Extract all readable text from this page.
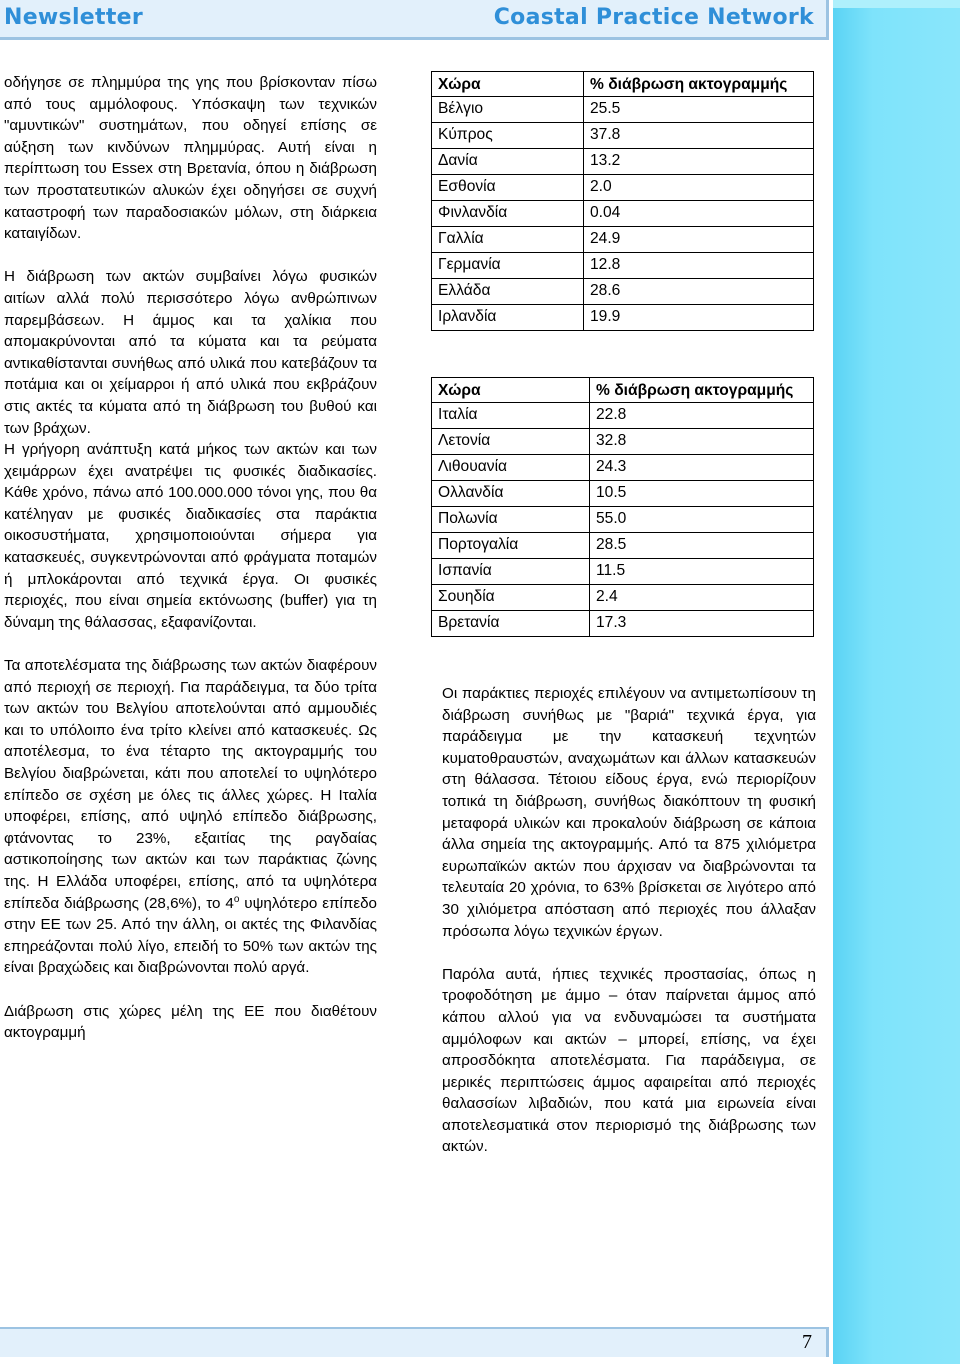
Newsletter	Coastal Practice Network

οδήγησε σε πλημμύρα της γης που βρίσκονταν πίσω από τους αμμόλοφους. Υπόσκαψη των τεχνικών "αμυντικών" συστημάτων, που οδηγεί επίσης σε αύξηση των κινδύνων πλημμύρας. Αυτή είναι η περίπτωση του Essex στη Βρετανία, όπου η διάβρωση των προστατευτικών αλυκών έχει οδηγήσει σε συχνή καταστροφή των παραδοσιακών μόλων, στη διάρκεια καταιγίδων.

Η διάβρωση των ακτών συμβαίνει λόγω φυσικών αιτίων αλλά πολύ περισσότερο λόγω ανθρώπινων παρεμβάσεων. Η άμμος και τα χαλίκια που απομακρύνονται από τα κύματα και τα ρεύματα αντικαθίστανται συνήθως από υλικά που κατεβάζουν τα ποτάμια και οι χείμαρροι ή από υλικά που εκβράζουν στις ακτές τα κύματα από τη διάβρωση του βυθού και των βράχων.

Η γρήγορη ανάπτυξη κατά μήκος των ακτών και των χειμάρρων έχει ανατρέψει τις φυσικές διαδικασίες. Κάθε χρόνο, πάνω από 100.000.000 τόνοι γης, που θα κατέληγαν με φυσικές διαδικασίες στα παράκτια οικοσυστήματα, χρησιμοποιούνται σήμερα για κατασκευές, συγκεντρώνονται από φράγματα ποταμών ή μπλοκάρονται από τεχνικά έργα. Οι φυσικές περιοχές, που είναι σημεία εκτόνωσης (buffer) για τη δύναμη της θάλασσας, εξαφανίζονται.

Τα αποτελέσματα της διάβρωσης των ακτών διαφέρουν από περιοχή σε περιοχή. Για παράδειγμα, τα δύο τρίτα των ακτών του Βελγίου αποτελούνται από αμμουδιές και το υπόλοιπο ένα τρίτο κλείνει από κατασκευές. Ως αποτέλεσμα, το ένα τέταρτο της ακτογραμμής του Βελγίου διαβρώνεται, κάτι που αποτελεί το υψηλότερο επίπεδο σε σχέση με όλες τις άλλες χώρες. Η Ιταλία υποφέρει, επίσης, από υψηλό επίπεδο διάβρωσης, φτάνοντας το 23%, εξαιτίας της ραγδαίας αστικοποίησης των ακτών και των παράκτιας ζώνης της. Η Ελλάδα υποφέρει, επίσης, από τα υψηλότερα επίπεδα διάβρωσης (28,6%), το $4^o$ υψηλότερο επίπεδο στην ΕΕ των 25. Από την άλλη, οι ακτές της Φιλανδίας επηρεάζονται πολύ λίγο, επειδή το 50% των ακτών της είναι βραχώδεις και διαβρώνονται πολύ αργά.

Διάβρωση στις χώρες μέλη της ΕΕ που διαθέτουν ακτογραμμή

Χώρα	% διάβρωση ακτογραμμής
Βέλγιο	25.5
Κύπρος	37.8
Δανία	13.2
Εσθονία	2.0
Φινλανδία	0.04
Γαλλία	24.9
Γερμανία	12.8
Ελλάδα	28.6
Ιρλανδία	19.9
Χώρα	% διάβρωση ακτογραμμής
Ιταλία	22.8
Λετονία	32.8
Λιθουανία	24.3
Ολλανδία	10.5
Πολωνία	55.0
Πορτογαλία	28.5
Ισπανία	11.5
Σουηδία	2.4
Βρετανία	17.3

Οι παράκτιες περιοχές επιλέγουν να αντιμετωπίσουν τη διάβρωση συνήθως με "βαριά" τεχνικά έργα, για παράδειγμα με την κατασκευή τεχνητών κυματοθραυστών, αναχωμάτων και άλλων κατασκευών στη θάλασσα. Τέτοιου είδους έργα, ενώ περιορίζουν τοπικά τη διάβρωση, συνήθως διακόπτουν τη φυσική μεταφορά υλικών και προκαλούν διάβρωση σε κάποια άλλα σημεία της ακτογραμμής. Από τα 875 χιλιόμετρα ευρωπαϊκών ακτών που άρχισαν να διαβρώνονται τα τελευταία 20 χρόνια, το 63% βρίσκεται σε λιγότερο από 30 χιλιόμετρα απόσταση από περιοχές που άλλαξαν πρόσωπα λόγω τεχνικών έργων.

Παρόλα αυτά, ήπιες τεχνικές προστασίας, όπως η τροφοδότηση με άμμο – όταν παίρνεται άμμος από κάπου αλλού για να ενδυναμώσει τα συστήματα αμμόλοφων και ακτών – μπορεί, επίσης, να έχει απροσδόκητα αποτελέσματα. Για παράδειγμα, σε μερικές περιπτώσεις άμμος αφαιρείται από περιοχές θαλασσίων λιβαδιών, που κατά μια ειρωνεία είναι αποτελεσματικά στον περιορισμό της διάβρωσης των ακτών.

7
